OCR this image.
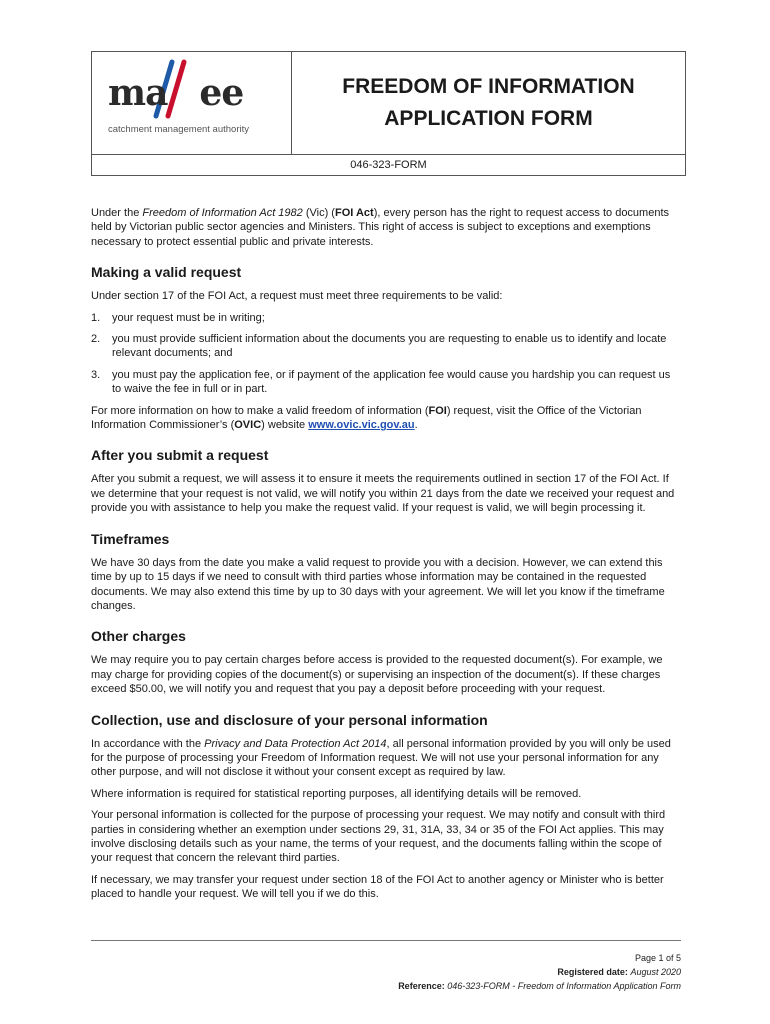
ma ee
catchment management authority
FREEDOM OF INFORMATION
APPLICATION FORM
046-323-FORM

Under the Freedom of Information Act 1982 (Vic) (FOI Act), every person has the right to request access to documents held by Victorian public sector agencies and Ministers. This right of access is subject to exceptions and exemptions necessary to protect essential public and private interests.

Making a valid request

Under section 17 of the FOI Act, a request must meet three requirements to be valid:

1. your request must be in writing;
2. you must provide sufficient information about the documents you are requesting to enable us to identify and locate relevant documents; and
3. you must pay the application fee, or if payment of the application fee would cause you hardship you can request us to waive the fee in full or in part.

For more information on how to make a valid freedom of information (FOI) request, visit the Office of the Victorian Information Commissioner’s (OVIC) website www.ovic.vic.gov.au.

After you submit a request

After you submit a request, we will assess it to ensure it meets the requirements outlined in section 17 of the FOI Act. If we determine that your request is not valid, we will notify you within 21 days from the date we received your request and provide you with assistance to help you make the request valid. If your request is valid, we will begin processing it.

Timeframes

We have 30 days from the date you make a valid request to provide you with a decision. However, we can extend this time by up to 15 days if we need to consult with third parties whose information may be contained in the requested documents. We may also extend this time by up to 30 days with your agreement. We will let you know if the timeframe changes.

Other charges

We may require you to pay certain charges before access is provided to the requested document(s). For example, we may charge for providing copies of the document(s) or supervising an inspection of the document(s). If these charges exceed $50.00, we will notify you and request that you pay a deposit before proceeding with your request.

Collection, use and disclosure of your personal information

In accordance with the Privacy and Data Protection Act 2014, all personal information provided by you will only be used for the purpose of processing your Freedom of Information request. We will not use your personal information for any other purpose, and will not disclose it without your consent except as required by law.

Where information is required for statistical reporting purposes, all identifying details will be removed.

Your personal information is collected for the purpose of processing your request. We may notify and consult with third parties in considering whether an exemption under sections 29, 31, 31A, 33, 34 or 35 of the FOI Act applies. This may involve disclosing details such as your name, the terms of your request, and the documents falling within the scope of your request that concern the relevant third parties.

If necessary, we may transfer your request under section 18 of the FOI Act to another agency or Minister who is better placed to handle your request. We will tell you if we do this.

Page 1 of 5
Registered date: August 2020
Reference: 046-323-FORM - Freedom of Information Application Form
